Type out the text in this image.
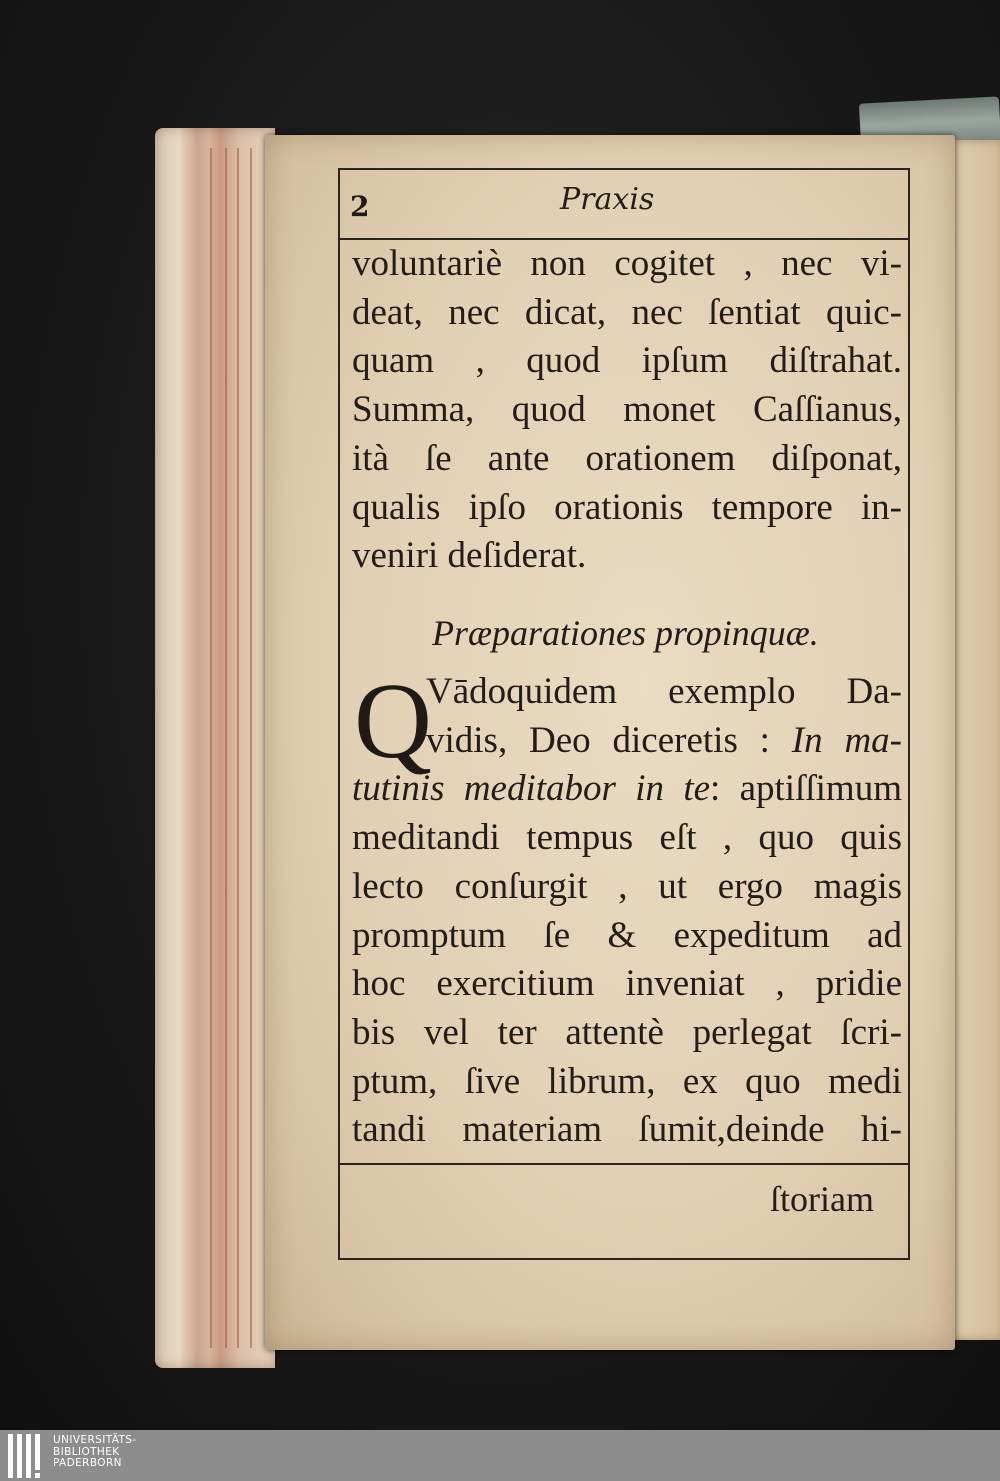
2	Praxis
voluntariè non cogitet , nec vi-
deat, nec dicat, nec ſentiat quic-
quam , quod ipſum diſtrahat.
Summa, quod monet Caſſianus,
ità ſe ante orationem diſponat,
qualis ipſo orationis tempore in-
veniri deſiderat.
Præparationes propinquæ.
Q
Vādoquidem exemplo Da-
vidis, Deo diceretis : In ma-
tutinis meditabor in te: aptiſſimum
meditandi tempus eſt , quo quis
lecto conſurgit , ut ergo magis
promptum ſe & expeditum ad
hoc exercitium inveniat , pridie
bis vel ter attentè perlegat ſcri-
ptum, ſive librum, ex quo medi
tandi materiam ſumit,deinde hi-
ſtoriam
UNIVERSITÄTS-
BIBLIOTHEK
PADERBORN
